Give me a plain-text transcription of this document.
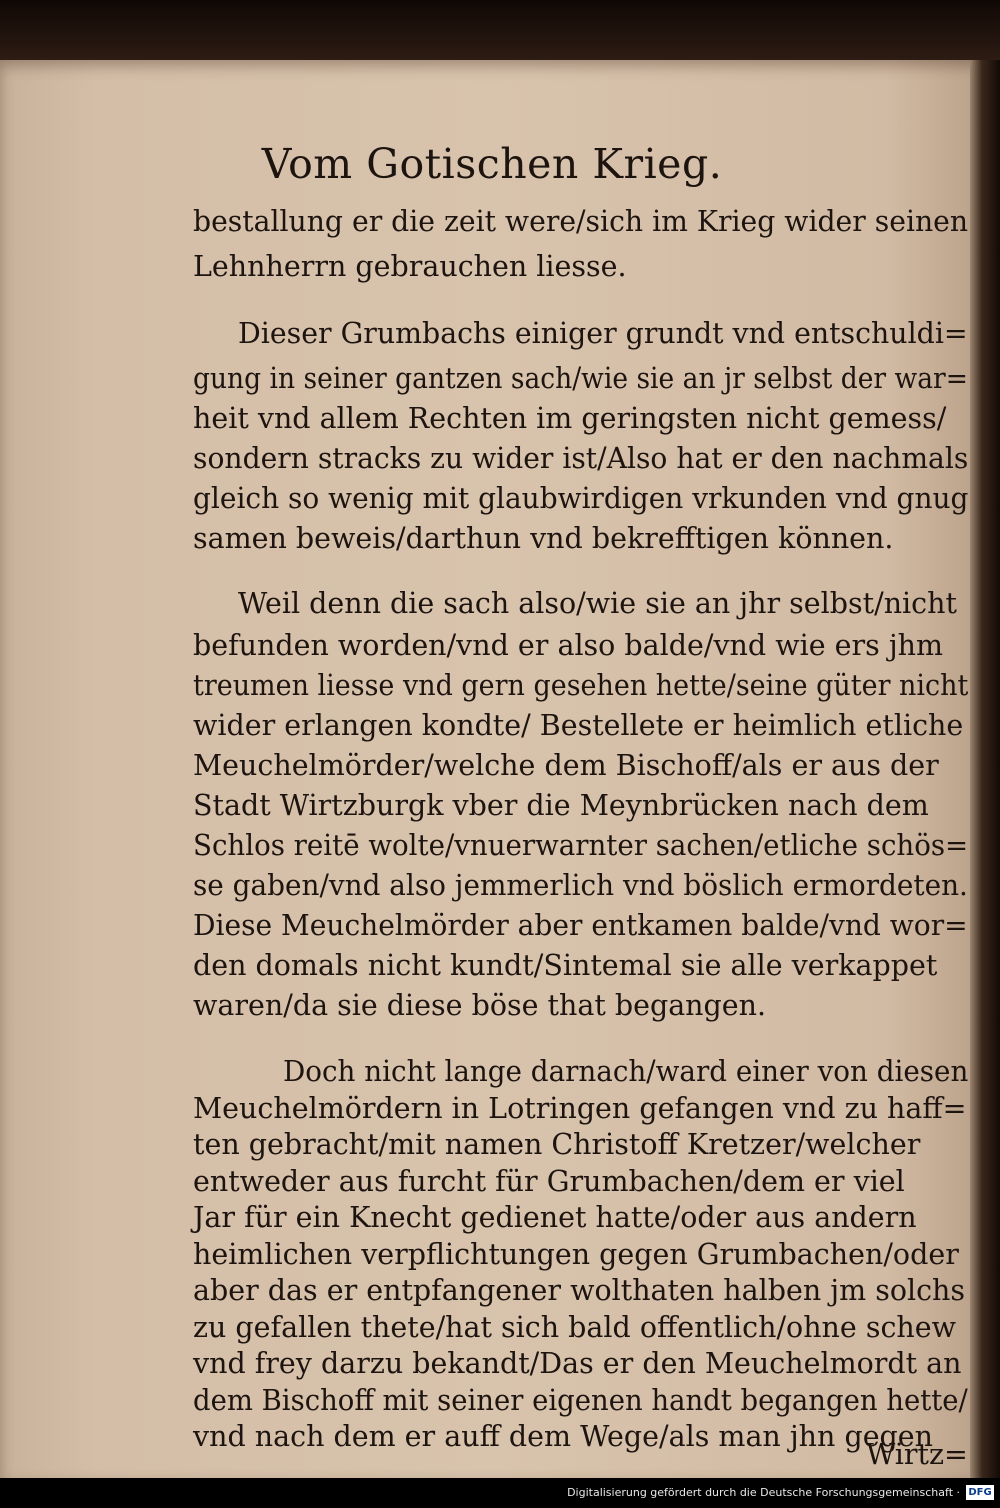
Vom Gotischen Krieg.
bestallung er die zeit were/sich im Krieg wider seinen
Lehnherrn gebrauchen liesse.
Dieser Grumbachs einiger grundt vnd entschuldi=
gung in seiner gantzen sach/wie sie an jr selbst der war=
heit vnd allem Rechten im geringsten nicht gemess/
sondern stracks zu wider ist/Also hat er den nachmals
gleich so wenig mit glaubwirdigen vrkunden vnd gnug
samen beweis/darthun vnd bekrefftigen können.
Weil denn die sach also/wie sie an jhr selbst/nicht
befunden worden/vnd er also balde/vnd wie ers jhm
treumen liesse vnd gern gesehen hette/seine güter nicht
wider erlangen kondte/ Bestellete er heimlich etliche
Meuchelmörder/welche dem Bischoff/als er aus der
Stadt Wirtzburgk vber die Meynbrücken nach dem
Schlos reitē wolte/vnuerwarnter sachen/etliche schös=
se gaben/vnd also jemmerlich vnd böslich ermordeten.
Diese Meuchelmörder aber entkamen balde/vnd wor=
den domals nicht kundt/Sintemal sie alle verkappet
waren/da sie diese böse that begangen.
Doch nicht lange darnach/ward einer von diesen
Meuchelmördern in Lotringen gefangen vnd zu haff=
ten gebracht/mit namen Christoff Kretzer/welcher
entweder aus furcht für Grumbachen/dem er viel
Jar für ein Knecht gedienet hatte/oder aus andern
heimlichen verpflichtungen gegen Grumbachen/oder
aber das er entpfangener wolthaten halben jm solchs
zu gefallen thete/hat sich bald offentlich/ohne schew
vnd frey darzu bekandt/Das er den Meuchelmordt an
dem Bischoff mit seiner eigenen handt begangen hette/
vnd nach dem er auff dem Wege/als man jhn gegen
Digitalisierung gefördert durch die Deutsche Forschungsgemeinschaft · DFG
Wirtz=
